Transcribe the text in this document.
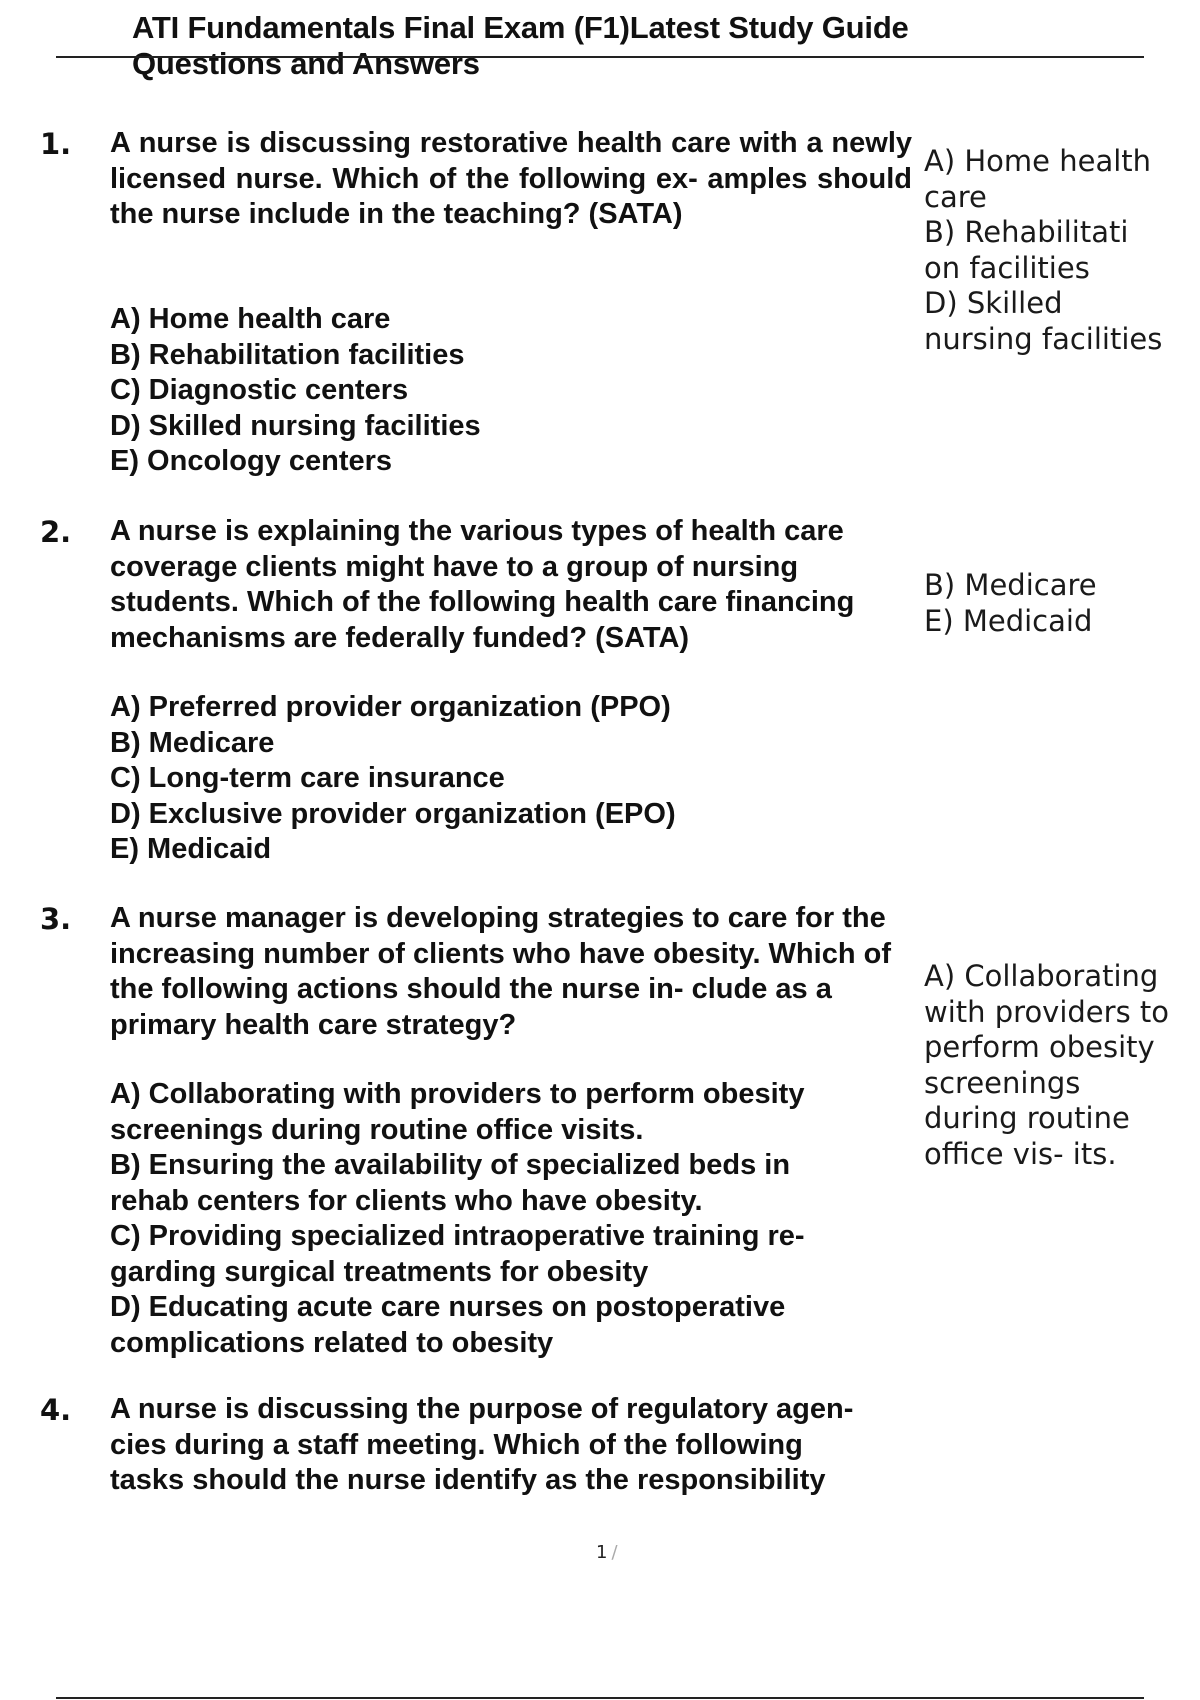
ATI Fundamentals Final Exam (F1)Latest Study Guide Questions and Answers
1. A nurse is discussing restorative health care with a newly licensed nurse. Which of the following ex- amples should the nurse include in the teaching? (SATA)
A) Home health care
B) Rehabilitation facilities
C) Diagnostic centers
D) Skilled nursing facilities
E) Oncology centers
A) Home health care
B) Rehabilitati on facilities
D) Skilled nursing facilities
2. A nurse is explaining the various types of health care coverage clients might have to a group of nursing students. Which of the following health care financing mechanisms are federally funded? (SATA)
A) Preferred provider organization (PPO)
B) Medicare
C) Long-term care insurance
D) Exclusive provider organization (EPO)
E) Medicaid
B) Medicare
E) Medicaid
3. A nurse manager is developing strategies to care for the increasing number of clients who have obesity. Which of the following actions should the nurse in- clude as a primary health care strategy?
A) Collaborating with providers to perform obesity screenings during routine office visits.
B) Ensuring the availability of specialized beds in rehab centers for clients who have obesity.
C) Providing specialized intraoperative training re- garding surgical treatments for obesity
D) Educating acute care nurses on postoperative complications related to obesity
A) Collaborating with providers to perform obesity screenings during routine office vis- its.
4. A nurse is discussing the purpose of regulatory agen- cies during a staff meeting. Which of the following tasks should the nurse identify as the responsibility
1 /
